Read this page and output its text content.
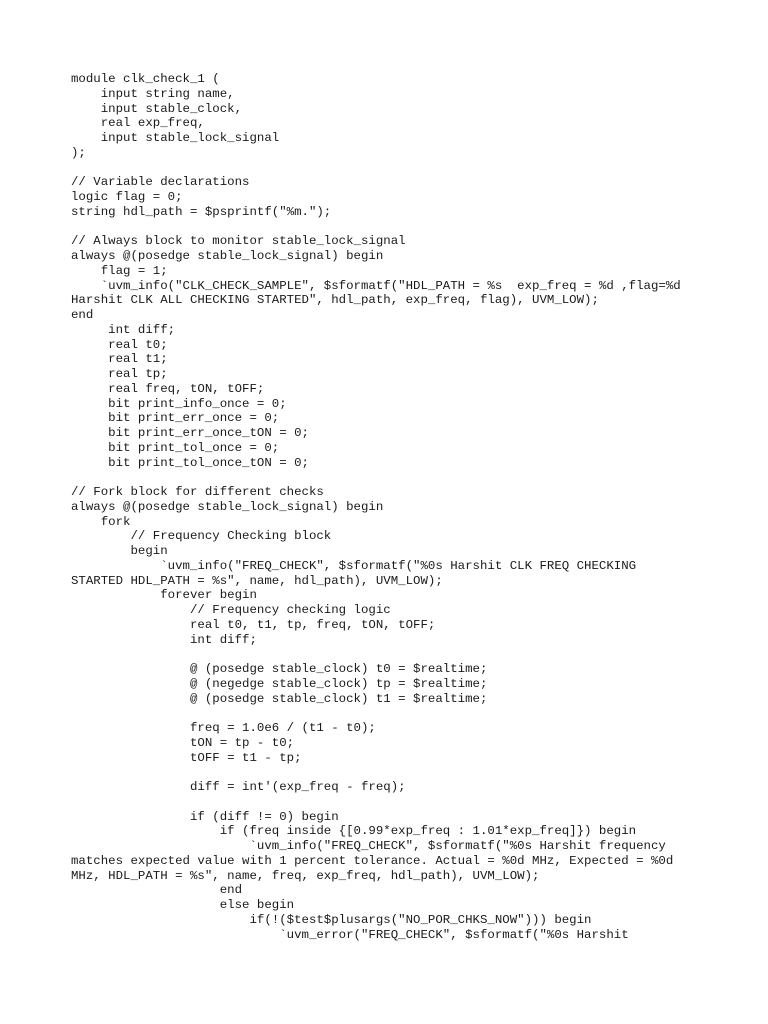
module clk_check_1 (
input string name,
input stable_clock,
real exp_freq,
input stable_lock_signal
);
// Variable declarations
logic flag = 0;
string hdl_path = $psprintf("%m.");
// Always block to monitor stable_lock_signal
always @(posedge stable_lock_signal) begin
flag = 1;
`uvm_info("CLK_CHECK_SAMPLE", $sformatf("HDL_PATH = %s  exp_freq = %d ,flag=%d
Harshit CLK ALL CHECKING STARTED", hdl_path, exp_freq, flag), UVM_LOW);
end
int diff;
real t0;
real t1;
real tp;
real freq, tON, tOFF;
bit print_info_once = 0;
bit print_err_once = 0;
bit print_err_once_tON = 0;
bit print_tol_once = 0;
bit print_tol_once_tON = 0;
// Fork block for different checks
always @(posedge stable_lock_signal) begin
fork
// Frequency Checking block
begin
`uvm_info("FREQ_CHECK", $sformatf("%0s Harshit CLK FREQ CHECKING
STARTED HDL_PATH = %s", name, hdl_path), UVM_LOW);
forever begin
// Frequency checking logic
real t0, t1, tp, freq, tON, tOFF;
int diff;
@ (posedge stable_clock) t0 = $realtime;
@ (negedge stable_clock) tp = $realtime;
@ (posedge stable_clock) t1 = $realtime;
freq = 1.0e6 / (t1 - t0);
tON = tp - t0;
tOFF = t1 - tp;
diff = int'(exp_freq - freq);
if (diff != 0) begin
if (freq inside {[0.99*exp_freq : 1.01*exp_freq]}) begin
`uvm_info("FREQ_CHECK", $sformatf("%0s Harshit frequency
matches expected value with 1 percent tolerance. Actual = %0d MHz, Expected = %0d
MHz, HDL_PATH = %s", name, freq, exp_freq, hdl_path), UVM_LOW);
end
else begin
if(!($test$plusargs("NO_POR_CHKS_NOW"))) begin
`uvm_error("FREQ_CHECK", $sformatf("%0s Harshit
